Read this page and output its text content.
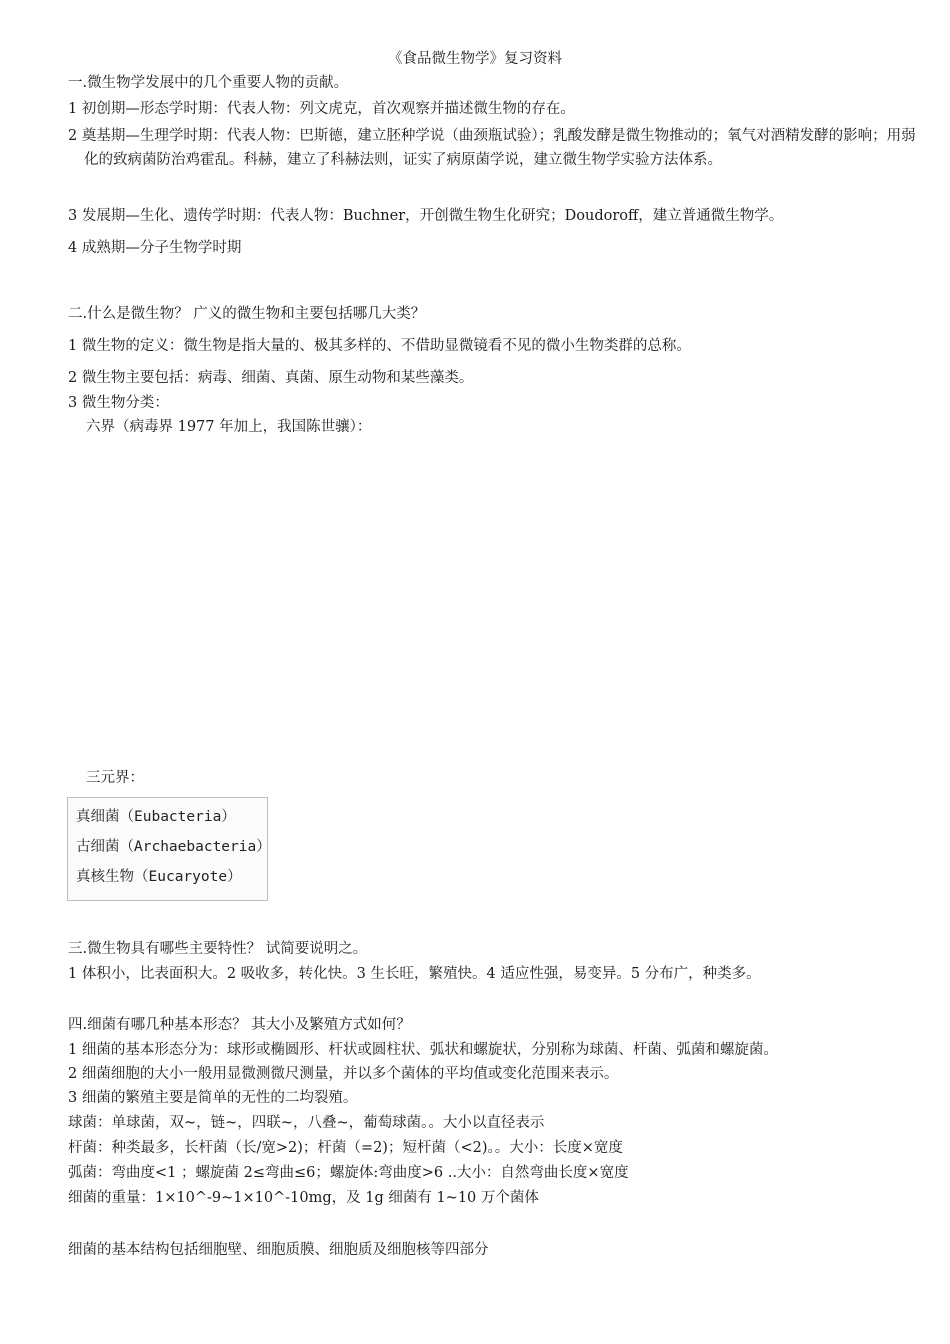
《食品微生物学》复习资料
一.微生物学发展中的几个重要人物的贡献。
1 初创期—形态学时期：代表人物：列文虎克，首次观察并描述微生物的存在。
2 奠基期—生理学时期：代表人物：巴斯德，建立胚种学说（曲颈瓶试验）；乳酸发酵是微生物推动的；氧气对酒精发酵的影响；用弱化的致病菌防治鸡霍乱。科赫，建立了科赫法则，证实了病原菌学说，建立微生物学实验方法体系。
3 发展期—生化、遗传学时期：代表人物：Buchner，开创微生物生化研究；Doudoroff，建立普通微生物学。
4 成熟期—分子生物学时期
二.什么是微生物？ 广义的微生物和主要包括哪几大类？
1 微生物的定义：微生物是指大量的、极其多样的、不借助显微镜看不见的微小生物类群的总称。
2 微生物主要包括：病毒、细菌、真菌、原生动物和某些藻类。
3 微生物分类：
六界（病毒界 1977 年加上，我国陈世骧）：
三元界：
真细菌（Eubacteria）
古细菌（Archaebacteria）
真核生物（Eucaryote）
三.微生物具有哪些主要特性？ 试简要说明之。
1 体积小，比表面积大。2 吸收多，转化快。3 生长旺，繁殖快。4 适应性强，易变异。5 分布广，种类多。
四.细菌有哪几种基本形态？ 其大小及繁殖方式如何？
1 细菌的基本形态分为：球形或椭圆形、杆状或圆柱状、弧状和螺旋状，分别称为球菌、杆菌、弧菌和螺旋菌。
2 细菌细胞的大小一般用显微测微尺测量，并以多个菌体的平均值或变化范围来表示。
3 细菌的繁殖主要是简单的无性的二均裂殖。
球菌：单球菌，双~，链~，四联~，八叠~，葡萄球菌。。大小以直径表示
杆菌：种类最多，长杆菌（长/宽>2)；杆菌（=2)；短杆菌（<2)。。大小：长度×宽度
弧菌：弯曲度<1 ；螺旋菌 2≤弯曲≤6；螺旋体:弯曲度>6 ..大小：自然弯曲长度×宽度
细菌的重量：1×10^-9~1×10^-10mg，及 1g 细菌有 1~10 万个菌体
细菌的基本结构包括细胞壁、细胞质膜、细胞质及细胞核等四部分
